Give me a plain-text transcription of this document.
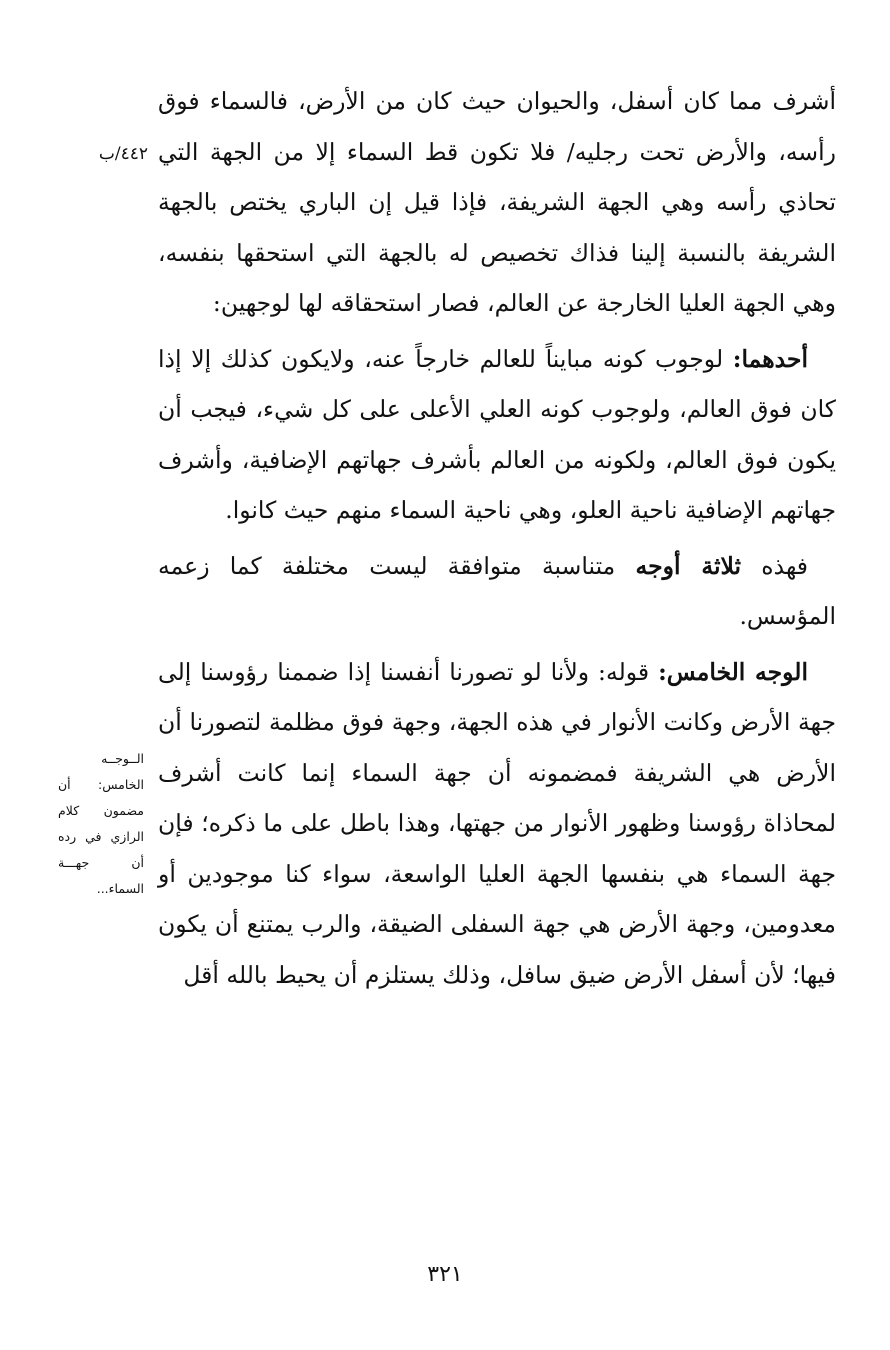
أشرف مما كان أسفل، والحيوان حيث كان من الأرض، فالسماء فوق رأسه، والأرض تحت رجليه/ فلا تكون قط السماء إلا من الجهة التي تحاذي رأسه وهي الجهة الشريفة، فإذا قيل إن الباري يختص بالجهة الشريفة بالنسبة إلينا فذاك تخصيص له بالجهة التي استحقها بنفسه، وهي الجهة العليا الخارجة عن العالم، فصار استحقاقه لها لوجهين:

أحدهما: لوجوب كونه مبايناً للعالم خارجاً عنه، ولايكون كذلك إلا إذا كان فوق العالم، ولوجوب كونه العلي الأعلى على كل شيء، فيجب أن يكون فوق العالم، ولكونه من العالم بأشرف جهاتهم الإضافية، وأشرف جهاتهم الإضافية ناحية العلو، وهي ناحية السماء منهم حيث كانوا.

فهذه ثلاثة أوجه متناسبة متوافقة ليست مختلفة كما زعمه المؤسس.

الوجه الخامس: قوله: ولأنا لو تصورنا أنفسنا إذا ضممنا رؤوسنا إلى جهة الأرض وكانت الأنوار في هذه الجهة، وجهة فوق مظلمة لتصورنا أن الأرض هي الشريفة فمضمونه أن جهة السماء إنما كانت أشرف لمحاذاة رؤوسنا وظهور الأنوار من جهتها، وهذا باطل على ما ذكره؛ فإن جهة السماء هي بنفسها الجهة العليا الواسعة، سواء كنا موجودين أو معدومين، وجهة الأرض هي جهة السفلى الضيقة، والرب يمتنع أن يكون فيها؛ لأن أسفل الأرض ضيق سافل، وذلك يستلزم أن يحيط بالله أقل

٤٤٢/ب
الــوجــه الخامس: أن مضمون كلام الرازي في رده أن جهـــة السماء...
٣٢١
